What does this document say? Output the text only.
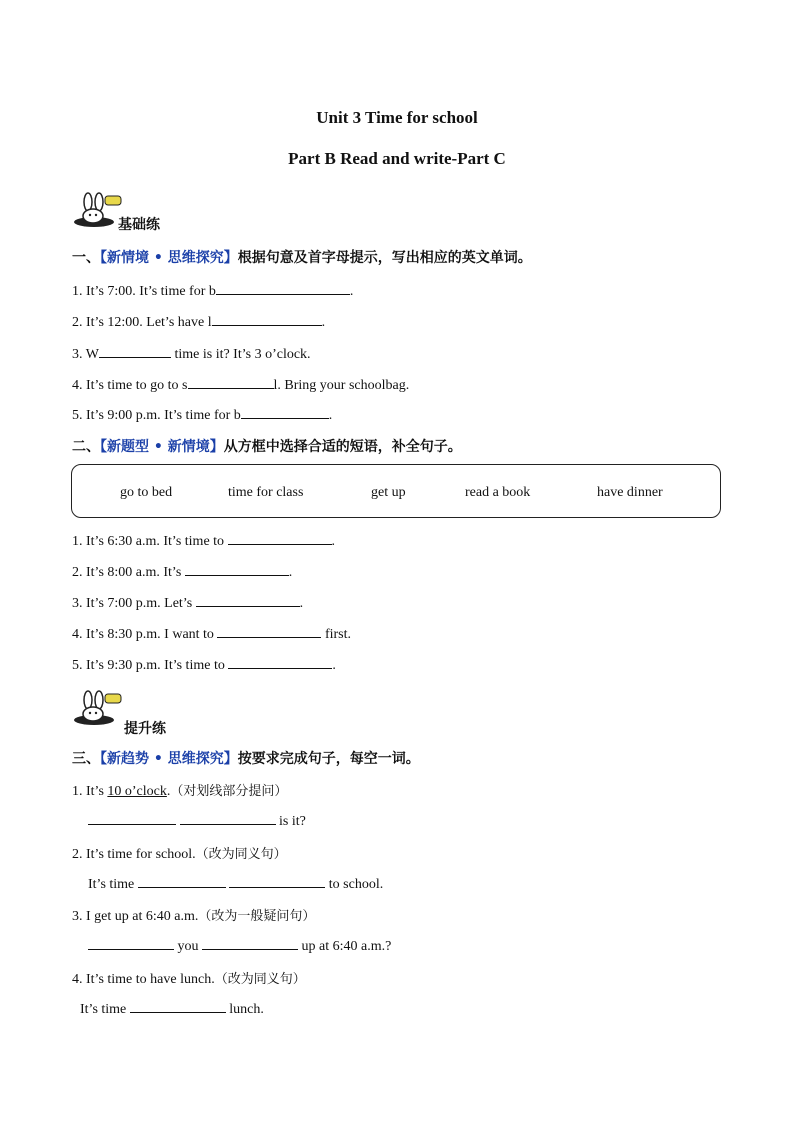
Unit 3 Time for school
Part B Read and write-Part C
基础练
一、【新情境 • 思维探究】根据句意及首字母提示，写出相应的英文单词。
1. It’s 7:00. It’s time for b	.
2. It’s 12:00. Let’s have l	.
3. W	time is it? It’s 3 o’clock.
4. It’s time to go to s	l. Bring your schoolbag.
5. It’s 9:00 p.m. It’s time for b	.
二、【新题型 • 新情境】从方框中选择合适的短语，补全句子。
go to bed	time for class	get up	read a book	have dinner
1. It’s 6:30 a.m. It’s time to	.
2. It’s 8:00 a.m. It’s	.
3. It’s 7:00 p.m. Let’s	.
4. It’s 8:30 p.m. I want to	first.
5. It’s 9:30 p.m. It’s time to	.
提升练
三、【新趋势 • 思维探究】按要求完成句子，每空一词。
1. It’s 10 o’clock.（对划线部分提问）
is it?
2. It’s time for school.（改为同义句）
It’s time	to school.
3. I get up at 6:40 a.m.（改为一般疑问句）
you	up at 6:40 a.m.?
4. It’s time to have lunch.（改为同义句）
It’s time	lunch.
